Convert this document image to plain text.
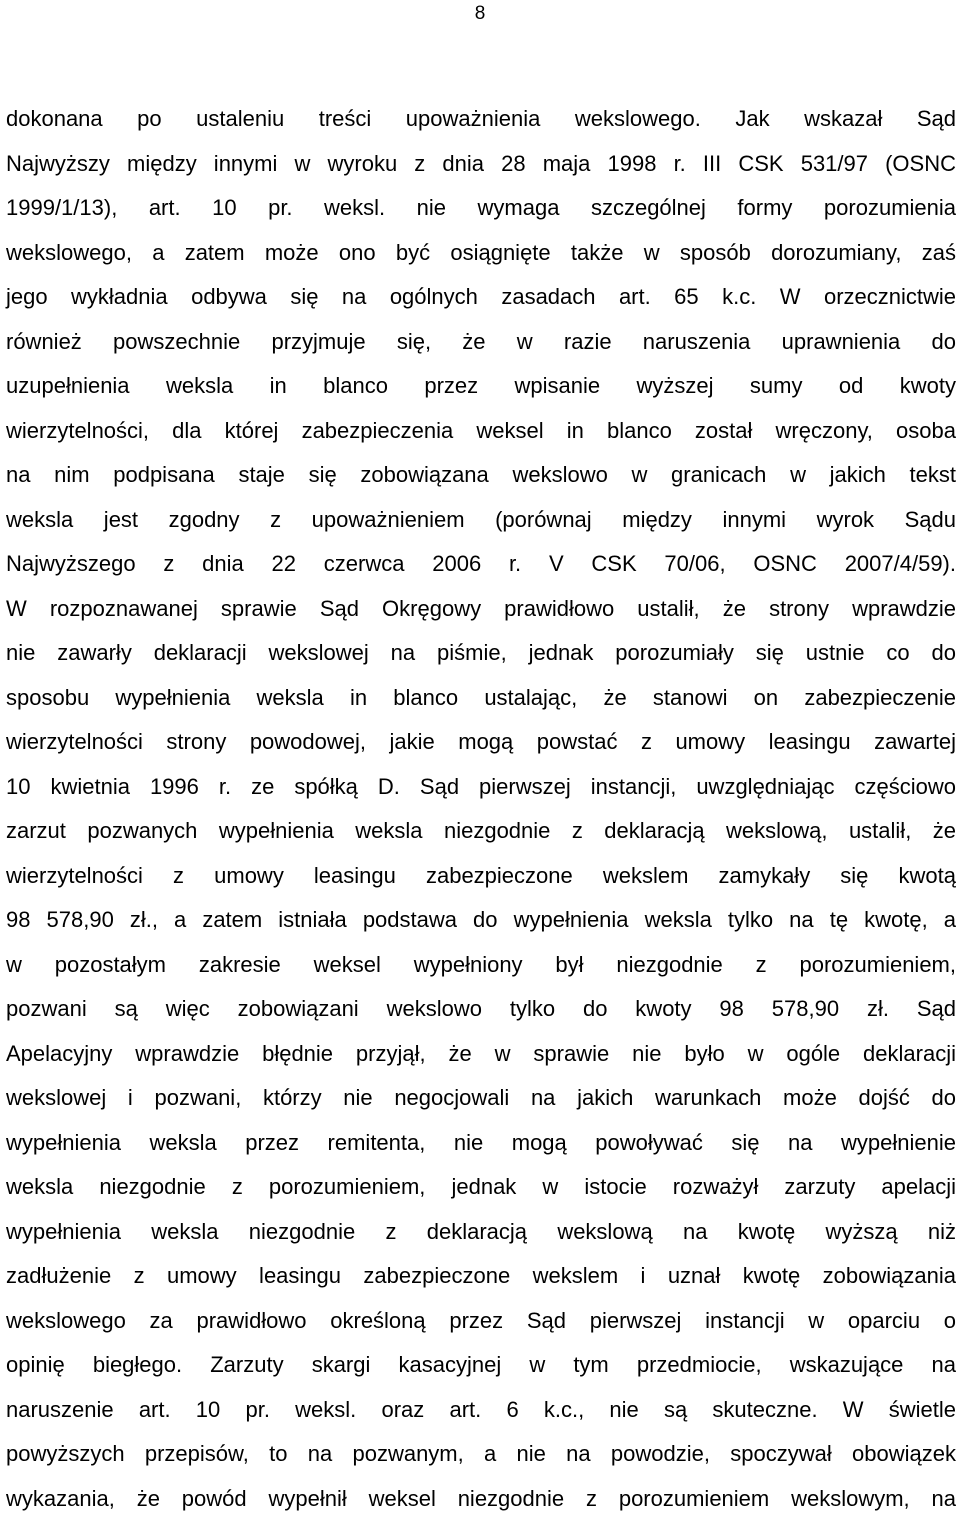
8
dokonana po ustaleniu treści upoważnienia wekslowego. Jak wskazał Sąd
Najwyższy między innymi w wyroku z dnia 28 maja 1998 r. III CSK 531/97 (OSNC
1999/1/13), art. 10 pr. weksl. nie wymaga szczególnej formy porozumienia
wekslowego, a zatem może ono być osiągnięte także w sposób dorozumiany, zaś
jego wykładnia odbywa się na ogólnych zasadach art. 65 k.c. W orzecznictwie
również powszechnie przyjmuje się, że w razie naruszenia uprawnienia do
uzupełnienia weksla in blanco przez wpisanie wyższej sumy od kwoty
wierzytelności, dla której zabezpieczenia weksel in blanco został wręczony, osoba
na nim podpisana staje się zobowiązana wekslowo w granicach w jakich tekst
weksla jest zgodny z upoważnieniem (porównaj między innymi wyrok Sądu
Najwyższego z dnia 22 czerwca 2006 r. V CSK 70/06, OSNC 2007/4/59).
W rozpoznawanej sprawie Sąd Okręgowy prawidłowo ustalił, że strony wprawdzie
nie zawarły deklaracji wekslowej na piśmie, jednak porozumiały się ustnie co do
sposobu wypełnienia weksla in blanco ustalając, że stanowi on zabezpieczenie
wierzytelności strony powodowej, jakie mogą powstać z umowy leasingu zawartej
10 kwietnia 1996 r. ze spółką D. Sąd pierwszej instancji, uwzględniając częściowo
zarzut pozwanych wypełnienia weksla niezgodnie z deklaracją wekslową, ustalił, że
wierzytelności z umowy leasingu zabezpieczone wekslem zamykały się kwotą
98 578,90 zł., a zatem istniała podstawa do wypełnienia weksla tylko na tę kwotę, a
w pozostałym zakresie weksel wypełniony był niezgodnie z porozumieniem,
pozwani są więc zobowiązani wekslowo tylko do kwoty 98 578,90 zł. Sąd
Apelacyjny wprawdzie błędnie przyjął, że w sprawie nie było w ogóle deklaracji
wekslowej i pozwani, którzy nie negocjowali na jakich warunkach może dojść do
wypełnienia weksla przez remitenta, nie mogą powoływać się na wypełnienie
weksla niezgodnie z porozumieniem, jednak w istocie rozważył zarzuty apelacji
wypełnienia weksla niezgodnie z deklaracją wekslową na kwotę wyższą niż
zadłużenie z umowy leasingu zabezpieczone wekslem i uznał kwotę zobowiązania
wekslowego za prawidłowo określoną przez Sąd pierwszej instancji w oparciu o
opinię biegłego. Zarzuty skargi kasacyjnej w tym przedmiocie, wskazujące na
naruszenie art. 10 pr. weksl. oraz art. 6 k.c., nie są skuteczne. W świetle
powyższych przepisów, to na pozwanym, a nie na powodzie, spoczywał obowiązek
wykazania, że powód wypełnił weksel niezgodnie z porozumieniem wekslowym, na
